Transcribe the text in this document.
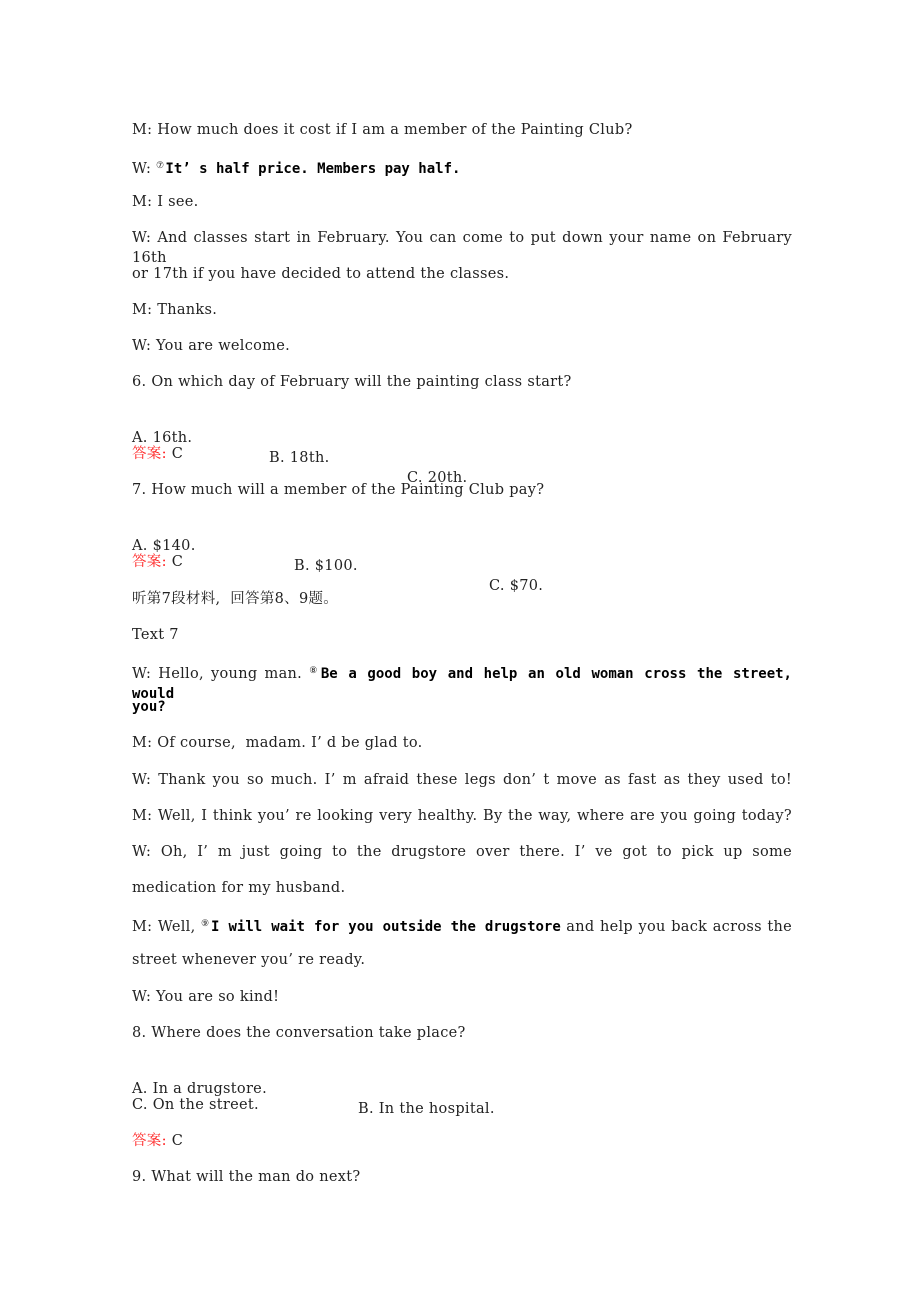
M: How much does it cost if I am a member of the Painting Club?
W: ⑦It’ s half price. Members pay half.
M: I see.
W: And classes start in February. You can come to put down your name on February 16th
or 17th if you have decided to attend the classes.
M: Thanks.
W: You are welcome.
6. On which day of February will the painting class start?

A. 16th.

B. 18th.

C. 20th.

答案: C
7. How much will a member of the Painting Club pay?

A. $140.

B. $100.

C. $70.

答案: C
听第7段材料,  回答第8、9题。
Text 7
W: Hello, young man. ⑧Be a good boy and help an old woman cross the street, would
you?
M: Of course,  madam. I’ d be glad to.
W: Thank you so much. I’ m afraid these legs don’ t move as fast as they used to!
M: Well, I think you’ re looking very healthy. By the way, where are you going today?
W: Oh, I’ m just going to the drugstore over there. I’ ve got to pick up some
medication for my husband.
M: Well, ⑨I will wait for you outside the drugstore and help you back across the
street whenever you’ re ready.
W: You are so kind!
8. Where does the conversation take place?

A. In a drugstore.

B. In the hospital.

C. On the street.
答案: C
9. What will the man do next?
